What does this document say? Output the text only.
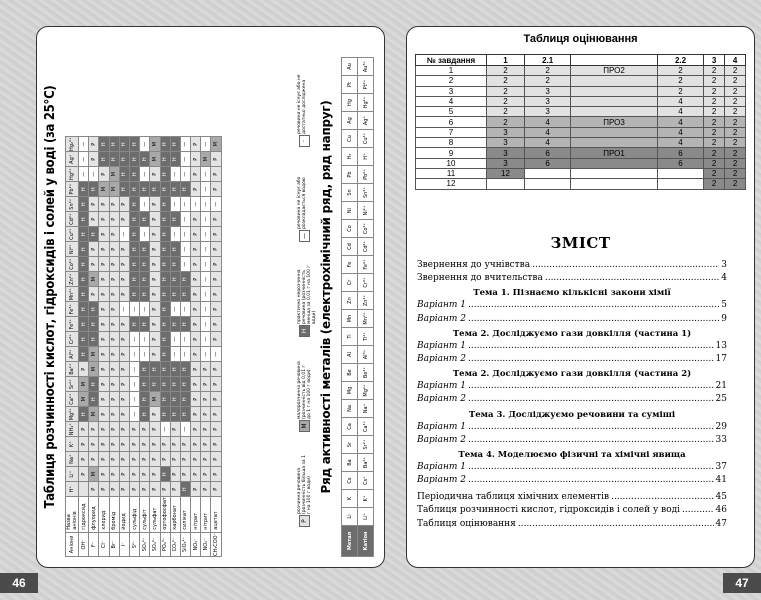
Таблиця розчинності кислот, гідроксидів і солей у воді (за 25°С)
Аніони	Назва аніонів	H⁺	Li⁺	Na⁺	K⁺	NH₄⁺	Mg²⁺	Ca²⁺	Sr²⁺	Ba²⁺	Al³⁺	Cr³⁺	Fe²⁺	Fe³⁺	Mn²⁺	Zn²⁺	Co²⁺	Ni²⁺	Cu²⁺	Cd²⁺	Sn²⁺	Pb²⁺	Hg²⁺	Ag⁺	Hg₂²⁺
OH⁻	гідроксид		Р	Р	Р	Р	Н	М	М	Р	Н	Н	Н	Н	Н	Н	Н	Н	Н	Н	Н	Н	—	—	—
F⁻	флуорид	Р	М	Р	Р	Р	М	Н	Н	М	М	Н	Н	Н	Р	М	Р	Р	Н	Р	Р	Н	—	Р	Р
Cl⁻	хлорид	Р	Р	Р	Р	Р	Р	Р	Р	Р	Р	Р	Р	Р	Р	Р	Р	Р	Р	Р	Р	М	Р	Н	Н
Br⁻	бромід	Р	Р	Р	Р	Р	Р	Р	Р	Р	Р	Р	Р	Р	Р	Р	Р	Р	Р	Р	Р	М	М	Н	Н
I⁻	йодид	Р	Р	Р	Р	Р	Р	Р	Р	Р	Р	Р	Р	—	Р	Р	Р	Р	—	Р	Р	Н	Н	Н	Н
S²⁻	сульфід	Р	Р	Р	Р	Р	—	—	—	—	—	—	Н	—	Н	Н	Н	Н	Н	Н	Н	Н	Н	Н	Н
SO₃²⁻	сульфіт	Р	Р	Р	Р	Р	Н	Н	Н	Н	—	—	Н	—	Н	Н	Н	Н	—	Н	—	Н	—	Н	—
SO₄²⁻	сульфат	Р	Р	Р	Р	Р	Р	М	Н	Н	Р	Р	Р	Р	Р	Р	Р	Р	Р	Р	Р	Н	Р	М	М
PO₄³⁻	ортофосфат	Р	Н	Р	Р	—	Н	Н	Н	Н	Н	Н	Н	Н	Н	Н	Н	Н	Н	Н	Н	Н	Н	Н	Н
CO₃²⁻	карбонат	Р	Р	Р	Р	Р	Н	Н	Н	Н	—	—	Н	—	Н	Н	Н	Н	—	Н	—	Н	—	Н	Н
SiO₃²⁻	силікат	Н	Р	Р	Р	—	Н	Н	Н	Н	—	—	Н	—	Н	Н	—	—	—	—	—	Н	—	—	—
NO₃⁻	нітрат	Р	Р	Р	Р	Р	Р	Р	Р	Р	Р	Р	Р	Р	Р	Р	Р	Р	Р	Р	—	Р	Р	Р	Р
NO₂⁻	нітрит	Р	Р	Р	Р	Р	Р	Р	Р	Р	—	—	—	—	—	—	—	—	—	—	—	—	—	М	—
CH₃COO⁻	ацетат	Р	Р	Р	Р	Р	Р	Р	Р	Р	—	Р	Р	Р	Р	Р	Р	Р	Р	Р	—	Р	Р	Р	М
Р
розчинна речовина (розчинність більша за 1 г на 100 г води)
М
малорозчинна речовина (розчинність від 0,01 г до 1 г на 100 г води)
Н
практично нерозчинна речовина (розчинність менша за 0,01 г на 100 г води)
—
речовина не існує або розкладається водою
·
речовина не існує або не достатньо досліджена Ряд активності металів (електрохімічний ряд, ряд напруг)
Метал	Li	K	Cs	Ba	Sr	Ca	Na	Mg	Be	Al	Ti	Mn	Zn	Cr	Fe	Cd	Co	Ni	Sn	Pb	H₂	Cu	Ag	Hg	Pt	Au
Катіон	Li⁺	K⁺	Cs⁺	Ba²⁺	Sr²⁺	Ca²⁺	Na⁺	Mg²⁺	Be²⁺	Al³⁺	Ti²⁺	Mn²⁺	Zn²⁺	Cr³⁺	Fe²⁺	Cd²⁺	Co²⁺	Ni²⁺	Sn²⁺	Pb²⁺	H⁺	Cu²⁺	Ag⁺	Hg²⁺	Pt²⁺	Au³⁺
46
Таблиця оцінювання
№ завдання	1	2.1		2.2	3	4
1	2	2	ПРО2	2	2	2
2	2	2		2	2	2
3	2	3		2	2	2
4	2	3		4	2	2
5	2	3		4	2	2
6	2	4	ПРО3	4	2	2
7	3	4		4	2	2
8	3	4		4	2	2
9	3	6	ПРО1	6	2	2
10	3	6		6	2	2
11	12				2	2
12					2	2
ЗМІСТ
Звернення до учнівства .....	3
Звернення до вчительства .....	4
Тема 1. Пізнаємо кількісні закони хімії
Варіант 1 .....	5
Варіант 2 .....	9
Тема 2. Досліджуємо гази довкілля (частина 1)
Варіант 1 .....	13
Варіант 2 .....	17
Тема 2. Досліджуємо гази довкілля (частина 2)
Варіант 1 .....	21
Варіант 2 .....	25
Тема 3. Досліджуємо речовини та суміші
Варіант 1 .....	29
Варіант 2 .....	33
Тема 4. Моделюємо фізичні та хімічні явища
Варіант 1 .....	37
Варіант 2 .....	41
Періодична таблиця хімічних елементів .....	45
Таблиця розчинності кислот, гідроксидів і солей у воді .....	46
Таблиця оцінювання .....	47
47
